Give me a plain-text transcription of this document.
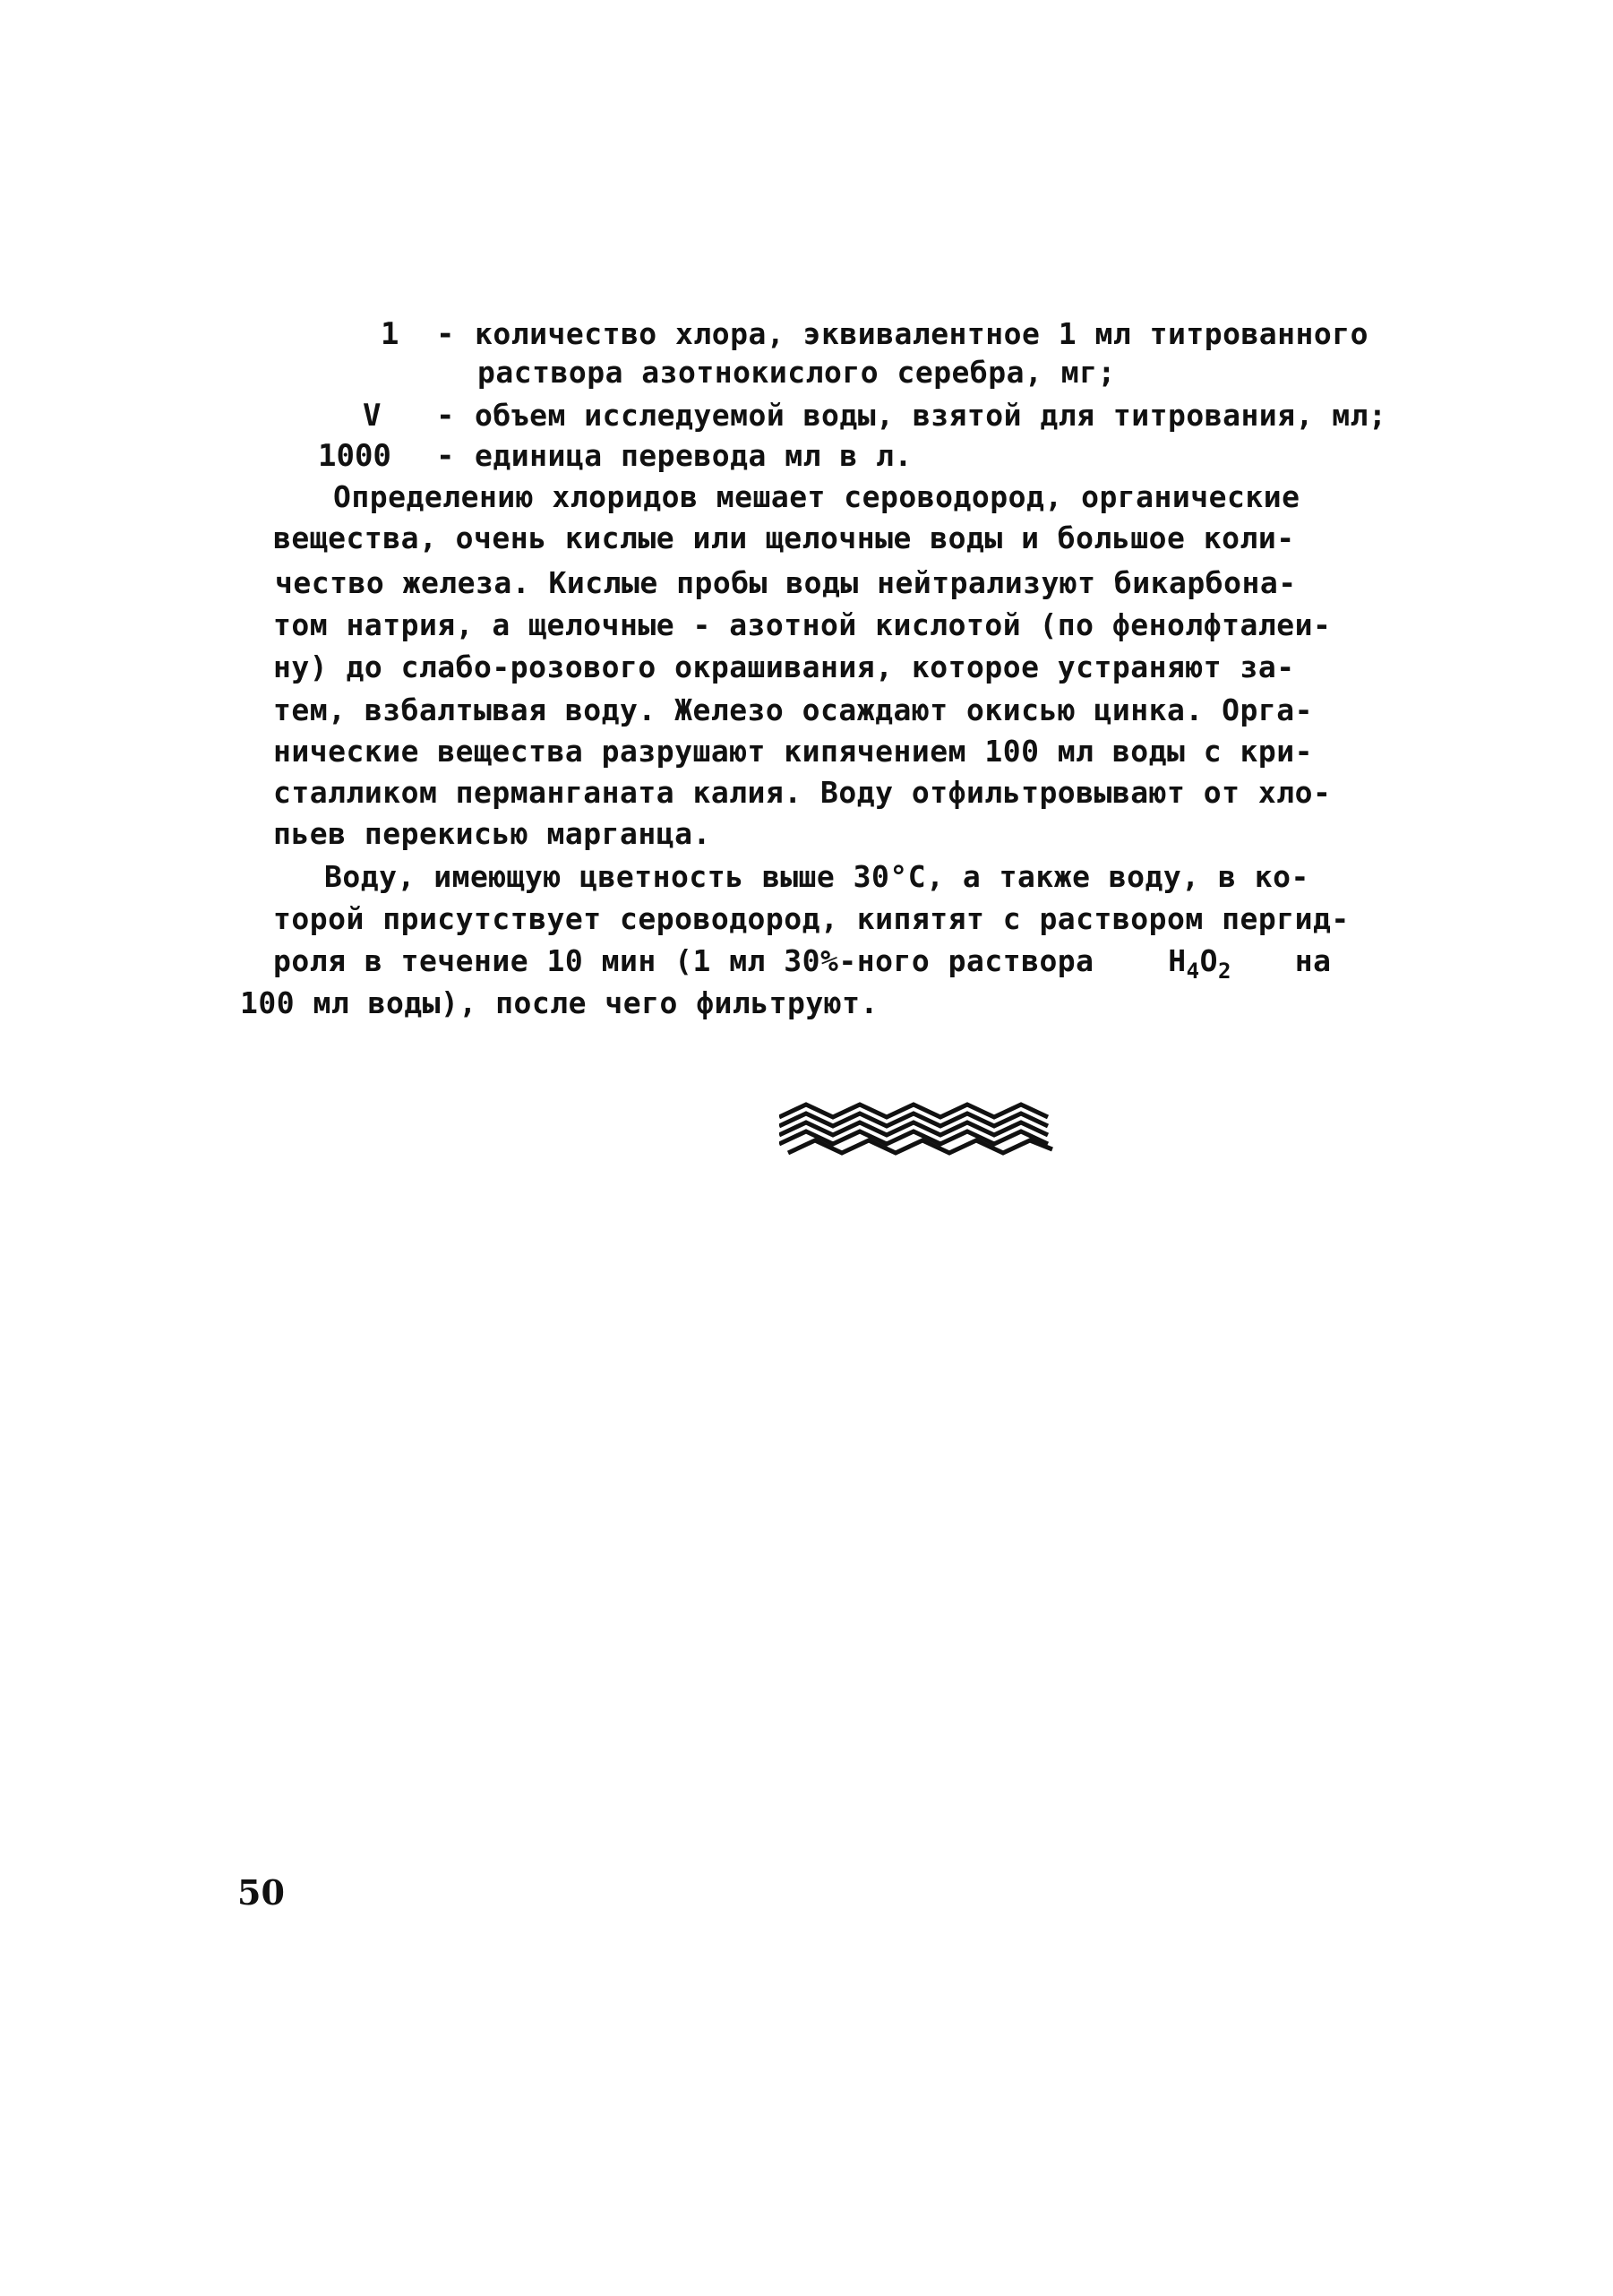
1 - количество хлора, эквивалентное 1 мл титрованного
раствора азотнокислого серебра, мг;
V - объем исследуемой воды, взятой для титрования, мл;
1000 - единица перевода мл в л.
Определению хлоридов мешает сероводород, органические
вещества, очень кислые или щелочные воды и большое коли-
чество железа. Кислые пробы воды нейтрализуют бикарбона-
том натрия, а щелочные - азотной кислотой (по фенолфталеи-
ну) до слабо-розового окрашивания, которое устраняют за-
тем, взбалтывая воду. Железо осаждают окисью цинка. Орга-
нические вещества разрушают кипячением 100 мл воды с кри-
сталликом перманганата калия. Воду отфильтровывают от хло-
пьев перекисью марганца.
Воду, имеющую цветность выше 30°С, а также воду, в ко-
торой присутствует сероводород, кипятят с раствором пергид-
роля в течение 10 мин (1 мл 30%-ного раствора	$H_4O_2$ на
100 мл воды), после чего фильтруют.
50
